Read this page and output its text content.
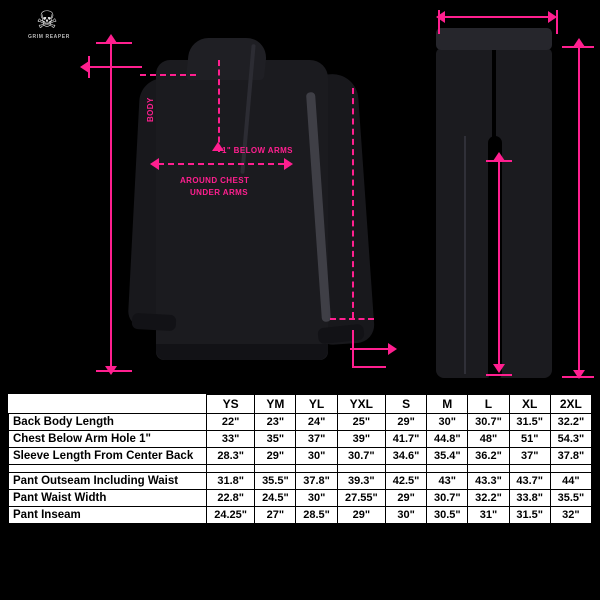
☠
GRIM REAPER
BODY
1" BELOW ARMS
AROUND CHEST
UNDER ARMS
	YS	YM	YL	YXL	S	M	L	XL	2XL
Back Body Length	22"	23"	24"	25"	29"	30"	30.7"	31.5"	32.2"
Chest Below Arm Hole 1"	33"	35"	37"	39"	41.7"	44.8"	48"	51"	54.3"
Sleeve Length From Center Back	28.3"	29"	30"	30.7"	34.6"	35.4"	36.2"	37"	37.8"

Pant Outseam Including Waist	31.8"	35.5"	37.8"	39.3"	42.5"	43"	43.3"	43.7"	44"
Pant Waist Width	22.8"	24.5"	30"	27.55"	29"	30.7"	32.2"	33.8"	35.5"
Pant Inseam	24.25"	27"	28.5"	29"	30"	30.5"	31"	31.5"	32"
